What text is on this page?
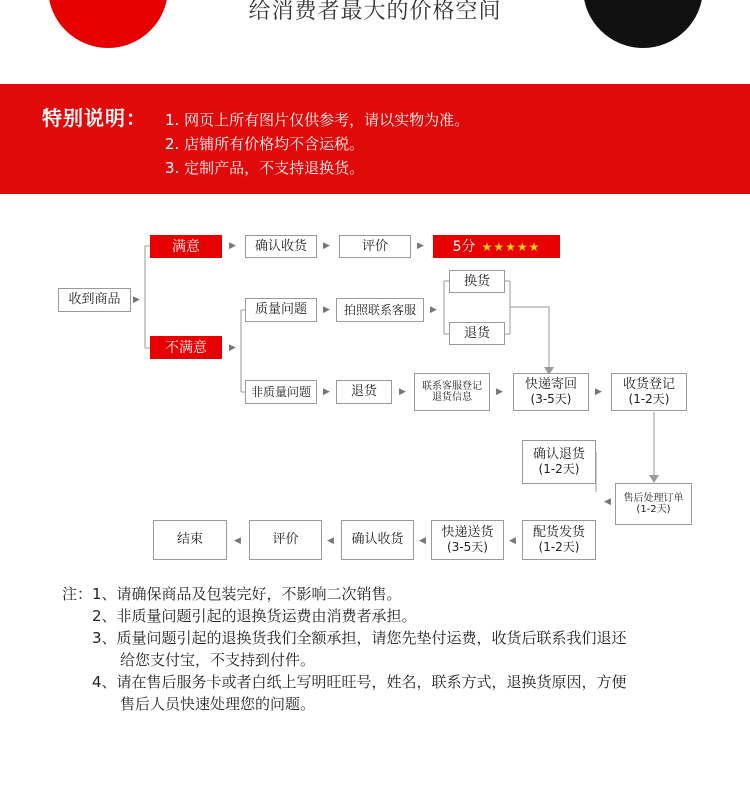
给消费者最大的价格空间
特别说明： 1. 网页上所有图片仅供参考，请以实物为准。
2. 店铺所有价格均不含运税。
3. 定制产品，不支持退换货。
收到商品	▶
满意	▶	确认收货	▶	评价	▶ 5分 ★★★★★
不满意	▶
质量问题	▶	拍照联系客服	▶
换货
退货
非质量问题	▶	退货	▶ 联系客服登记
退货信息	▶ 快递寄回
(3-5天)	▶ 收货登记
(1-2天)
确认退货
(1-2天)
◀ 售后处理订单
(1-2天)
配货发货
(1-2天)
◀
快递送货
(3-5天)
◀
确认收货
◀
评价
◀
结束
注： 1、请确保商品及包装完好，不影响二次销售。
2、非质量问题引起的退换货运费由消费者承担。
3、质量问题引起的退换货我们全额承担，请您先垫付运费，收货后联系我们退还
给您支付宝，不支持到付件。
4、请在售后服务卡或者白纸上写明旺旺号，姓名，联系方式，退换货原因，方便
售后人员快速处理您的问题。
